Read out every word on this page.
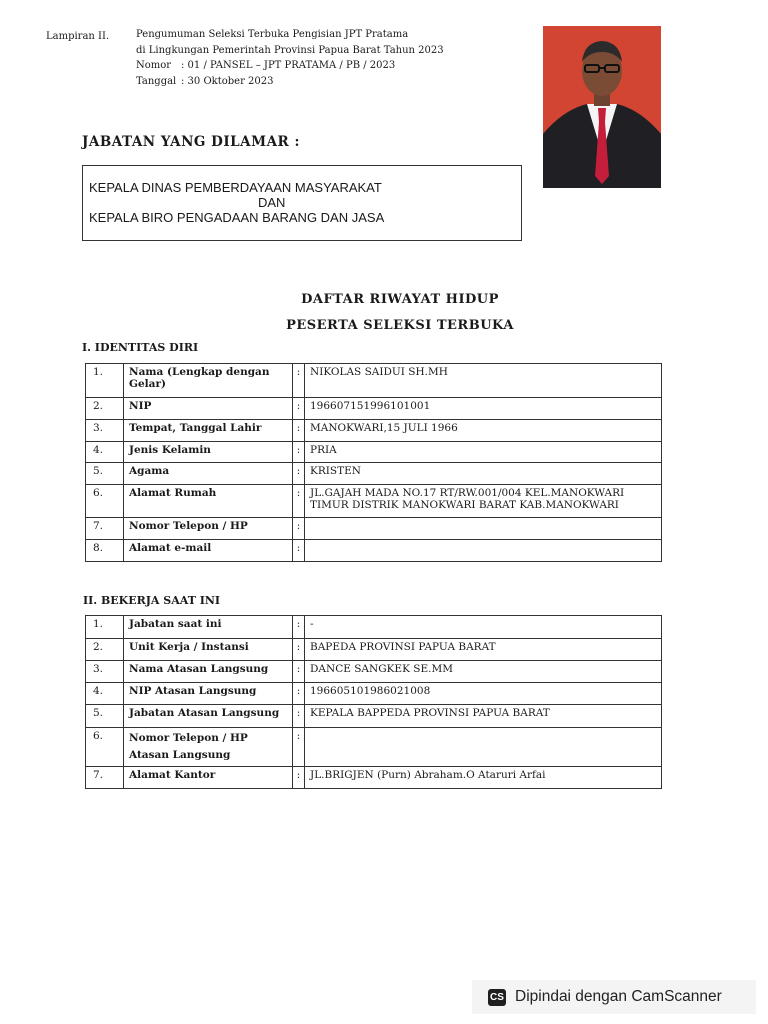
Lampiran II.	Pengumuman Seleksi Terbuka Pengisian JPT Pratama
di Lingkungan Pemerintah Provinsi Papua Barat Tahun 2023
Nomor : 01 / PANSEL – JPT PRATAMA / PB / 2023
Tanggal : 30 Oktober 2023
JABATAN YANG DILAMAR :
KEPALA DINAS PEMBERDAYAAN MASYARAKAT
DAN
KEPALA BIRO PENGADAAN BARANG DAN JASA
DAFTAR RIWAYAT HIDUP
PESERTA SELEKSI TERBUKA
I. IDENTITAS DIRI
1.	Nama (Lengkap dengan Gelar)	:	NIKOLAS SAIDUI SH.MH
2.	NIP	:	196607151996101001
3.	Tempat, Tanggal Lahir	:	MANOKWARI,15 JULI 1966
4.	Jenis Kelamin	:	PRIA
5.	Agama	:	KRISTEN
6.	Alamat Rumah	:	JL.GAJAH MADA NO.17 RT/RW.001/004 KEL.MANOKWARI TIMUR DISTRIK MANOKWARI BARAT KAB.MANOKWARI
7.	Nomor Telepon / HP	:	
8.	Alamat e-mail	:	
II. BEKERJA SAAT INI
1.	Jabatan saat ini	:	-
2.	Unit Kerja / Instansi	:	BAPEDA PROVINSI PAPUA BARAT
3.	Nama Atasan Langsung	:	DANCE SANGKEK SE.MM
4.	NIP Atasan Langsung	:	196605101986021008
5.	Jabatan Atasan Langsung	:	KEPALA BAPPEDA PROVINSI PAPUA BARAT
6.	Nomor Telepon / HP Atasan Langsung	:	
7.	Alamat Kantor	:	JL.BRIGJEN (Purn) Abraham.O Ataruri Arfai
CS Dipindai dengan CamScanner
